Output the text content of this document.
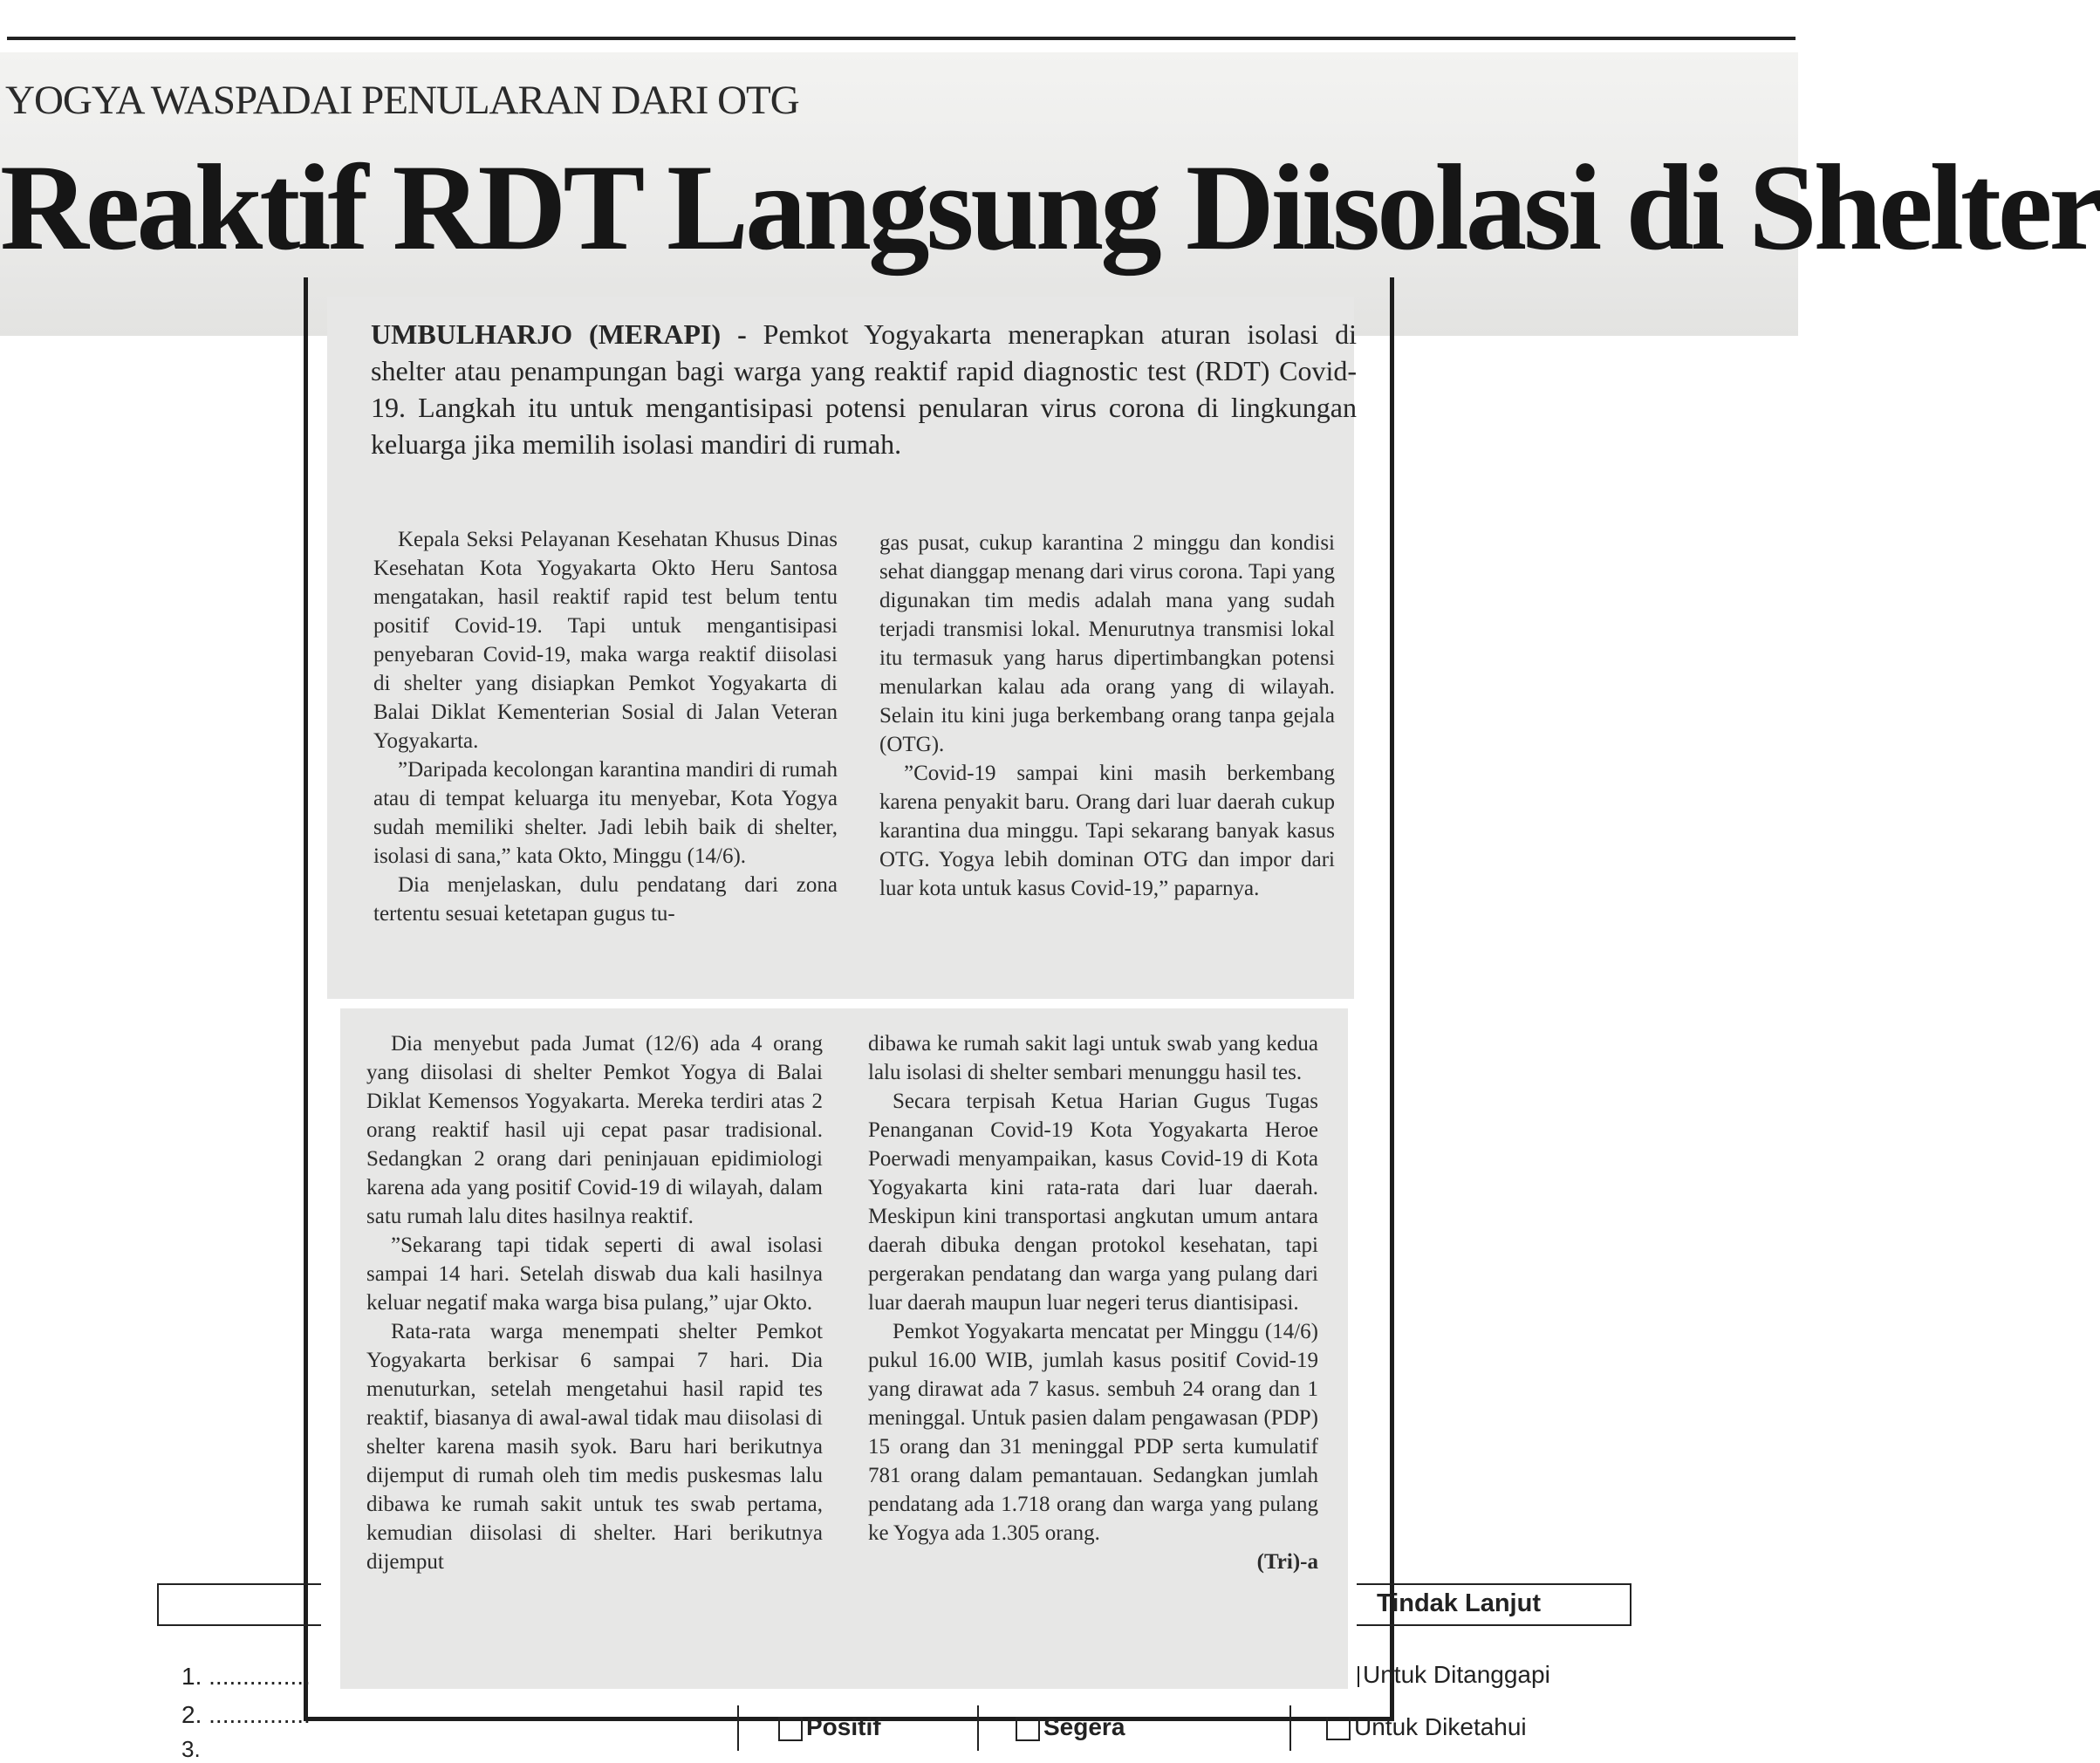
YOGYA WASPADAI PENULARAN DARI OTG
Reaktif RDT Langsung Diisolasi di Shelter
UMBULHARJO (MERAPI) - Pemkot Yogyakarta menerapkan aturan isolasi di shelter atau penampungan bagi warga yang reaktif rapid diagnostic test (RDT) Covid-19. Langkah itu untuk mengantisipasi potensi penularan virus corona di lingkungan keluarga jika memilih isolasi mandiri di rumah.

Kepala Seksi Pelayanan Kesehatan Khusus Dinas Kesehatan Kota Yogyakarta Okto Heru Santosa mengatakan, hasil reaktif rapid test belum tentu positif Covid-19. Tapi untuk mengantisipasi penyebaran Covid-19, maka warga reaktif diisolasi di shelter yang disiapkan Pemkot Yogyakarta di Balai Diklat Kementerian Sosial di Jalan Veteran Yogyakarta.

”Daripada kecolongan karantina mandiri di rumah atau di tempat keluarga itu menyebar, Kota Yogya sudah memiliki shelter. Jadi lebih baik di shelter, isolasi di sana,” kata Okto, Minggu (14/6).

Dia menjelaskan, dulu pendatang dari zona tertentu sesuai ketetapan gugus tu-

gas pusat, cukup karantina 2 minggu dan kondisi sehat dianggap menang dari virus corona. Tapi yang digunakan tim medis adalah mana yang sudah terjadi transmisi lokal. Menurutnya transmisi lokal itu termasuk yang harus dipertimbangkan potensi menularkan kalau ada orang yang di wilayah. Selain itu kini juga berkembang orang tanpa gejala (OTG).

”Covid-19 sampai kini masih berkembang karena penyakit baru. Orang dari luar daerah cukup karantina dua minggu. Tapi sekarang banyak kasus OTG. Yogya lebih dominan OTG dan impor dari luar kota untuk kasus Covid-19,” paparnya.

Dia menyebut pada Jumat (12/6) ada 4 orang yang diisolasi di shelter Pemkot Yogya di Balai Diklat Kemensos Yogyakarta. Mereka terdiri atas 2 orang reaktif hasil uji cepat pasar tradisional. Sedangkan 2 orang dari peninjauan epidimiologi karena ada yang positif Covid-19 di wilayah, dalam satu rumah lalu dites hasilnya reaktif.

”Sekarang tapi tidak seperti di awal isolasi sampai 14 hari. Setelah diswab dua kali hasilnya keluar negatif maka warga bisa pulang,” ujar Okto.

Rata-rata warga menempati shelter Pemkot Yogyakarta berkisar 6 sampai 7 hari. Dia menuturkan, setelah mengetahui hasil rapid tes reaktif, biasanya di awal-awal tidak mau diisolasi di shelter karena masih syok. Baru hari berikutnya dijemput di rumah oleh tim medis puskesmas lalu dibawa ke rumah sakit untuk tes swab pertama, kemudian diisolasi di shelter. Hari berikutnya dijemput

dibawa ke rumah sakit lagi untuk swab yang kedua lalu isolasi di shelter sembari menunggu hasil tes.

Secara terpisah Ketua Harian Gugus Tugas Penanganan Covid-19 Kota Yogyakarta Heroe Poerwadi menyampaikan, kasus Covid-19 di Kota Yogyakarta kini rata-rata dari luar daerah. Meskipun kini transportasi angkutan umum antara daerah dibuka dengan protokol kesehatan, tapi pergerakan pendatang dan warga yang pulang dari luar daerah maupun luar negeri terus diantisipasi.

Pemkot Yogyakarta mencatat per Minggu (14/6) pukul 16.00 WIB, jumlah kasus positif Covid-19 yang dirawat ada 7 kasus. sembuh 24 orang dan 1 meninggal. Untuk pasien dalam pengawasan (PDP) 15 orang dan 31 meninggal PDP serta kumulatif 781 orang dalam pemantauan. Sedangkan jumlah pendatang ada 1.718 orang dan warga yang pulang ke Yogya ada 1.305 orang.

(Tri)-a

Tindak Lanjut
1. ...............
2. ...............
3.
Untuk Ditanggapi
Untuk Diketahui
Positif	Segera
